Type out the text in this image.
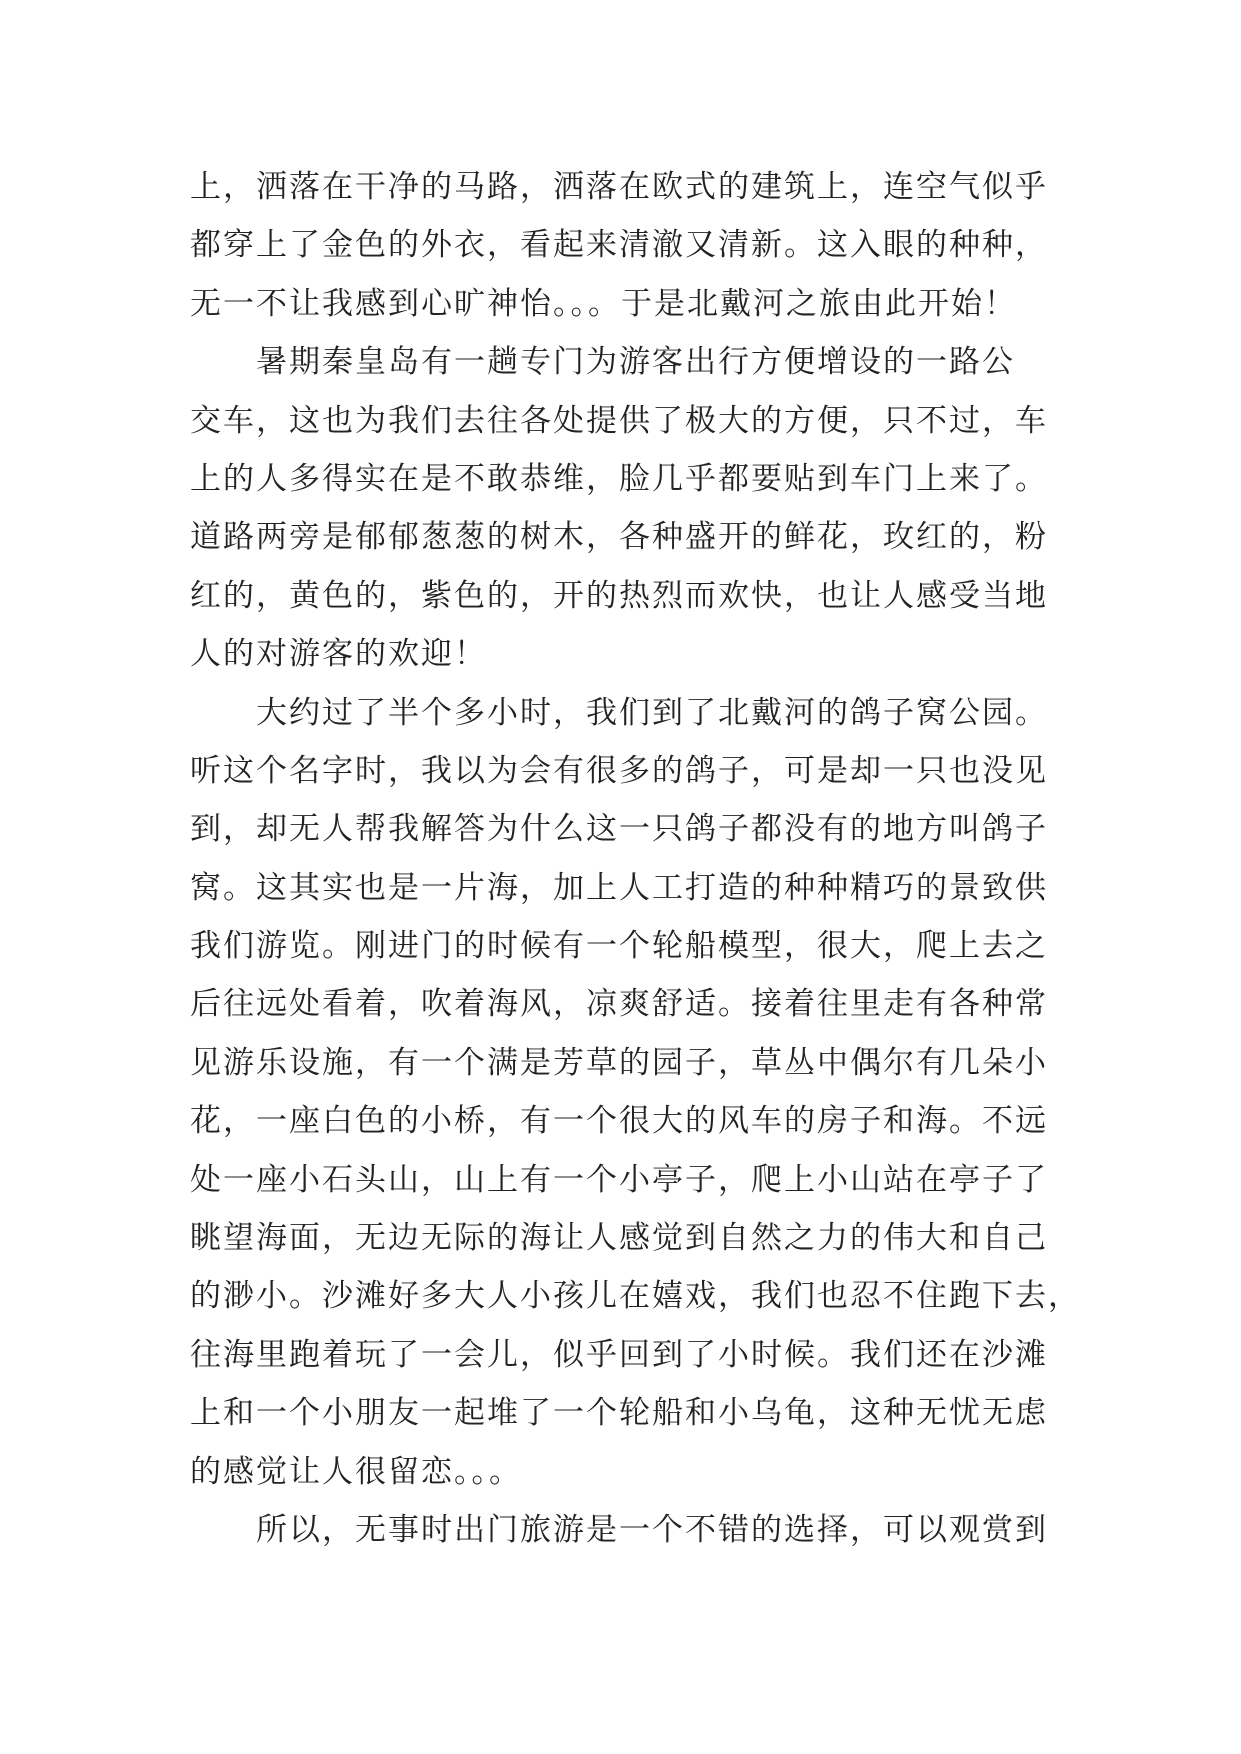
上，洒落在干净的马路，洒落在欧式的建筑上，连空气似乎
都穿上了金色的外衣，看起来清澈又清新。这入眼的种种，
无一不让我感到心旷神怡。。。于是北戴河之旅由此开始！
暑期秦皇岛有一趟专门为游客出行方便增设的一路公
交车，这也为我们去往各处提供了极大的方便，只不过，车
上的人多得实在是不敢恭维，脸几乎都要贴到车门上来了。
道路两旁是郁郁葱葱的树木，各种盛开的鲜花，玫红的，粉
红的，黄色的，紫色的，开的热烈而欢快，也让人感受当地
人的对游客的欢迎！
大约过了半个多小时，我们到了北戴河的鸽子窝公园。
听这个名字时，我以为会有很多的鸽子，可是却一只也没见
到，却无人帮我解答为什么这一只鸽子都没有的地方叫鸽子
窝。这其实也是一片海，加上人工打造的种种精巧的景致供
我们游览。刚进门的时候有一个轮船模型，很大，爬上去之
后往远处看着，吹着海风，凉爽舒适。接着往里走有各种常
见游乐设施，有一个满是芳草的园子，草丛中偶尔有几朵小
花，一座白色的小桥，有一个很大的风车的房子和海。不远
处一座小石头山，山上有一个小亭子，爬上小山站在亭子了
眺望海面，无边无际的海让人感觉到自然之力的伟大和自己
的渺小。沙滩好多大人小孩儿在嬉戏，我们也忍不住跑下去，
往海里跑着玩了一会儿，似乎回到了小时候。我们还在沙滩
上和一个小朋友一起堆了一个轮船和小乌龟，这种无忧无虑
的感觉让人很留恋。。。
所以，无事时出门旅游是一个不错的选择，可以观赏到
